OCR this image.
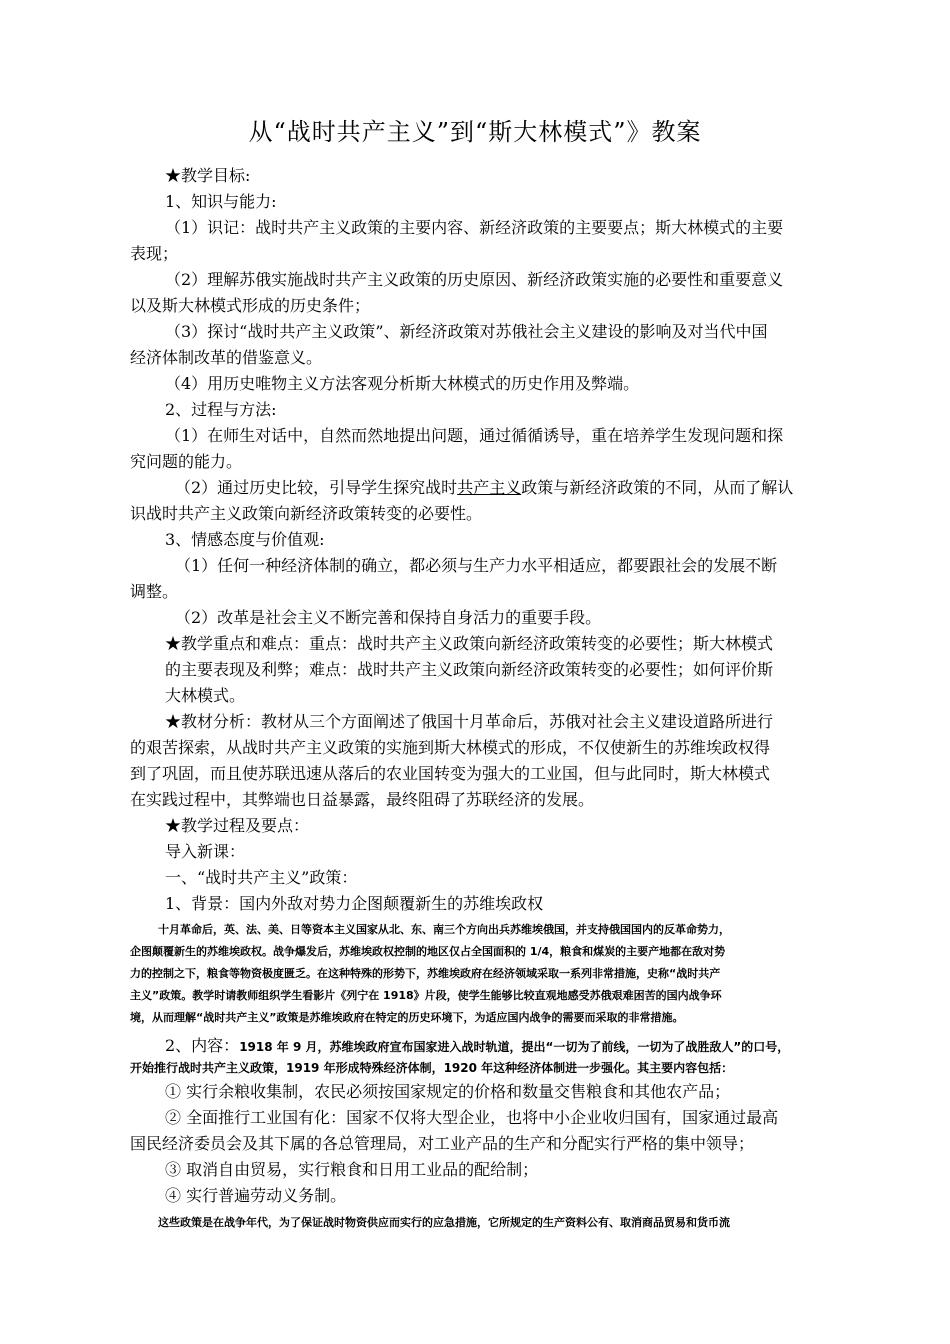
从“战时共产主义”到“斯大林模式”》教案
★教学目标:
1、知识与能力:
（1）识记：战时共产主义政策的主要内容、新经济政策的主要要点；斯大林模式的主要
表现；
（2）理解苏俄实施战时共产主义政策的历史原因、新经济政策实施的必要性和重要意义
以及斯大林模式形成的历史条件；
（3）探讨“战时共产主义政策”、新经济政策对苏俄社会主义建设的影响及对当代中国
经济体制改革的借鉴意义。
（4）用历史唯物主义方法客观分析斯大林模式的历史作用及弊端。
2、过程与方法:
（1）在师生对话中，自然而然地提出问题，通过循循诱导，重在培养学生发现问题和探
究问题的能力。
（2）通过历史比较，引导学生探究战时共产主义政策与新经济政策的不同，从而了解认
识战时共产主义政策向新经济政策转变的必要性。
3、情感态度与价值观:
（1）任何一种经济体制的确立，都必须与生产力水平相适应，都要跟社会的发展不断
调整。
（2）改革是社会主义不断完善和保持自身活力的重要手段。
★教学重点和难点：重点：战时共产主义政策向新经济政策转变的必要性；斯大林模式
的主要表现及利弊；难点：战时共产主义政策向新经济政策转变的必要性；如何评价斯
大林模式。
★教材分析：教材从三个方面阐述了俄国十月革命后，苏俄对社会主义建设道路所进行
的艰苦探索，从战时共产主义政策的实施到斯大林模式的形成，不仅使新生的苏维埃政权得
到了巩固，而且使苏联迅速从落后的农业国转变为强大的工业国，但与此同时，斯大林模式
在实践过程中，其弊端也日益暴露，最终阻碍了苏联经济的发展。
★教学过程及要点：
导入新课：
一、“战时共产主义”政策：
1、背景：国内外敌对势力企图颠覆新生的苏维埃政权
十月革命后，英、法、美、日等资本主义国家从北、东、南三个方向出兵苏维埃俄国，并支持俄国国内的反革命势力，
企图颠覆新生的苏维埃政权。战争爆发后，苏维埃政权控制的地区仅占全国面积的 1/4，粮食和煤炭的主要产地都在敌对势
力的控制之下，粮食等物资极度匮乏。在这种特殊的形势下，苏维埃政府在经济领域采取一系列非常措施，史称“战时共产
主义”政策。教学时请教师组织学生看影片《列宁在 1918》片段，使学生能够比较直观地感受苏俄艰难困苦的国内战争环
境，从而理解“战时共产主义”政策是苏维埃政府在特定的历史环境下，为适应国内战争的需要而采取的非常措施。
2、内容：1918 年 9 月，苏维埃政府宣布国家进入战时轨道，提出“一切为了前线，一切为了战胜敌人”的口号，
开始推行战时共产主义政策，1919 年形成特殊经济体制，1920 年这种经济体制进一步强化。其主要内容包括：
① 实行余粮收集制，农民必须按国家规定的价格和数量交售粮食和其他农产品；
② 全面推行工业国有化：国家不仅将大型企业，也将中小企业收归国有，国家通过最高
国民经济委员会及其下属的各总管理局，对工业产品的生产和分配实行严格的集中领导；
③ 取消自由贸易，实行粮食和日用工业品的配给制；
④ 实行普遍劳动义务制。
这些政策是在战争年代，为了保证战时物资供应而实行的应急措施，它所规定的生产资料公有、取消商品贸易和货币流
